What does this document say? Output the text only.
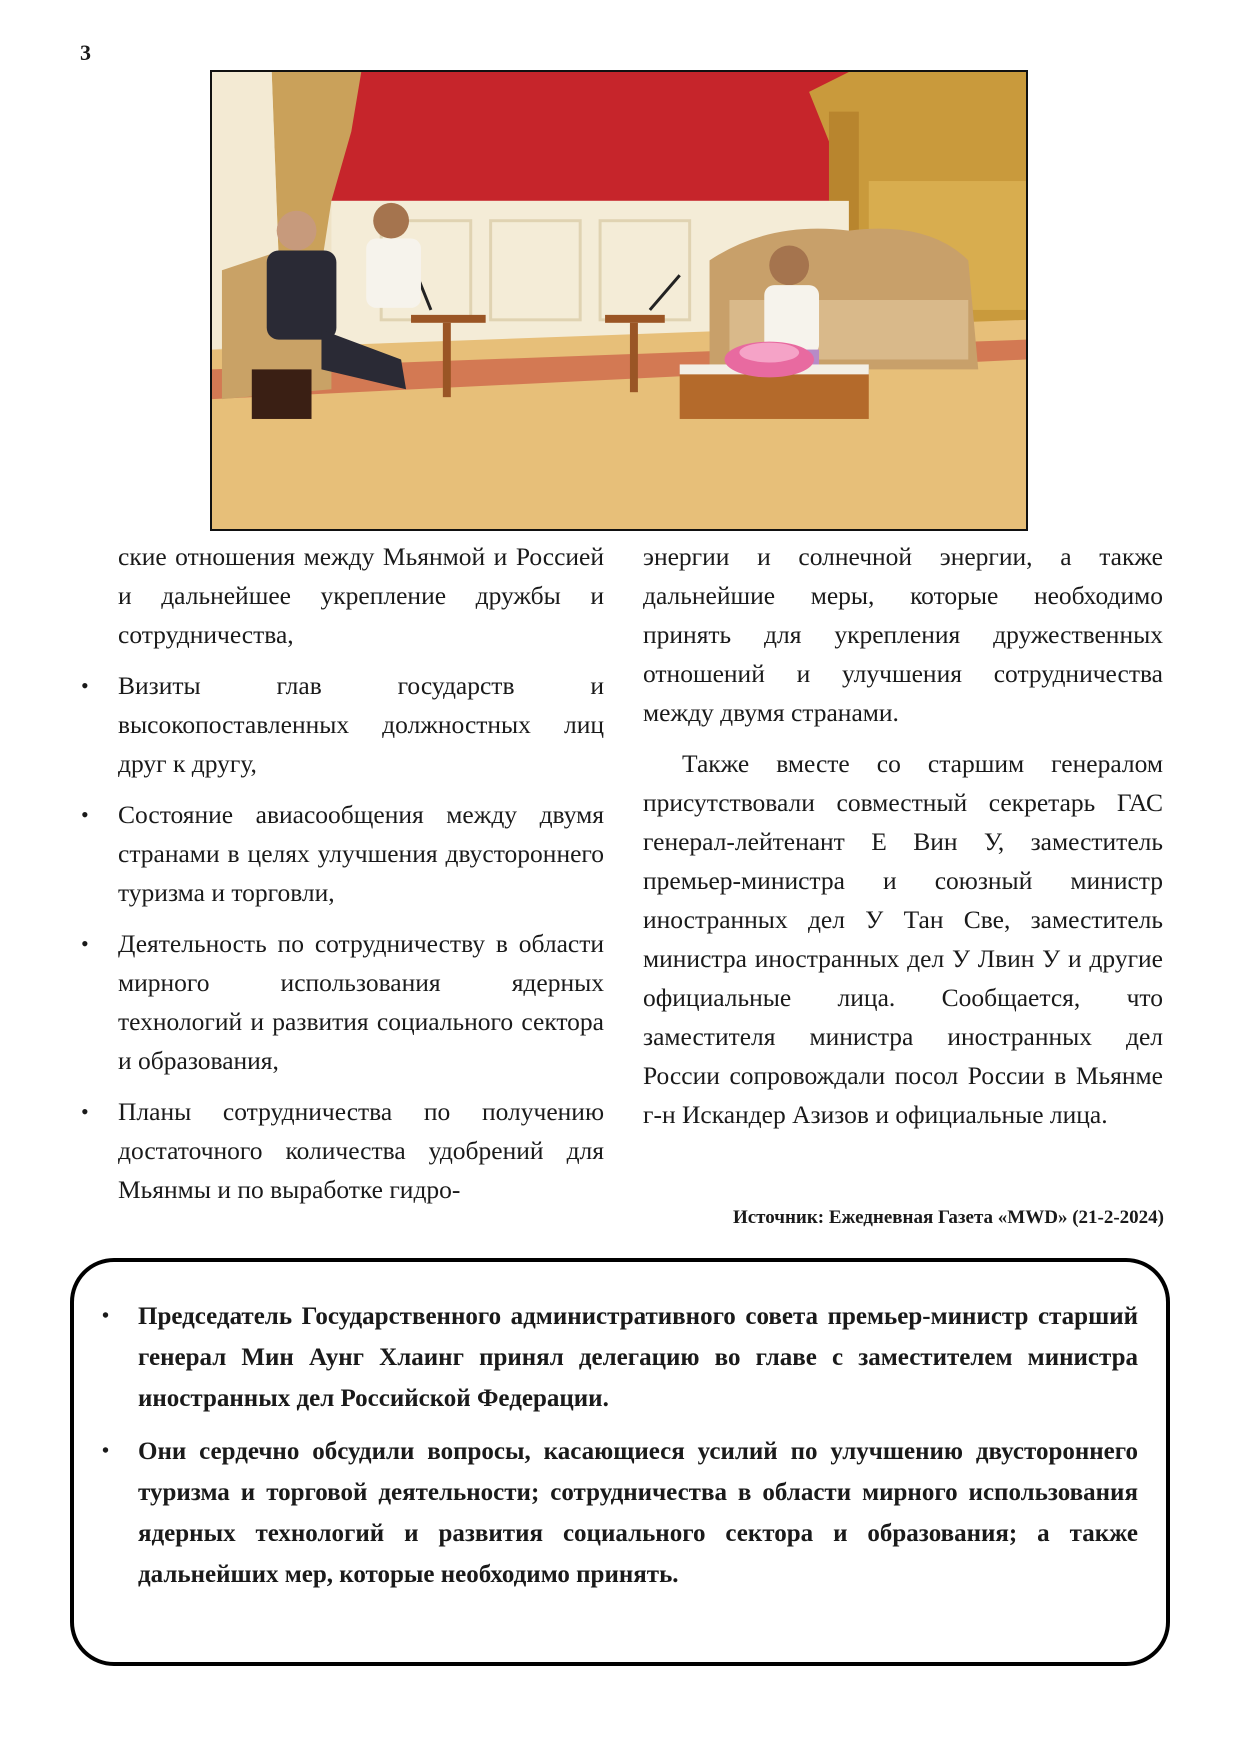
3

ские отношения между Мьянмой и Россией и дальнейшее укрепление дружбы и сотрудничества,

• Визиты глав государств и высокопоставленных должностных лиц друг к другу,
• Состояние авиасообщения между двумя странами в целях улучшения двустороннего туризма и торговли,
• Деятельность по сотрудничеству в области мирного использования ядерных технологий и развития социального сектора и образования,
• Планы сотрудничества по получению достаточного количества удобрений для Мьянмы и по выработке гидро-

энергии и солнечной энергии, а также дальнейшие меры, которые необходимо принять для укрепления дружественных отношений и улучшения сотрудничества между двумя странами.

Также вместе со старшим генералом присутствовали совместный секретарь ГАС генерал-лейтенант Е Вин У, заместитель премьер-министра и союзный министр иностранных дел У Тан Све, заместитель министра иностранных дел У Лвин У и другие официальные лица. Сообщается, что заместителя министра иностранных дел России сопровождали посол России в Мьянме г-н Искандер Азизов и официальные лица.

Источник: Ежедневная Газета «MWD» (21-2-2024)
• Председатель Государственного административного совета премьер-министр старший генерал Мин Аунг Хлаинг принял делегацию во главе с заместителем министра иностранных дел Российской Федерации.
• Они сердечно обсудили вопросы, касающиеся усилий по улучшению двустороннего туризма и торговой деятельности; сотрудничества в области мирного использования ядерных технологий и развития социального сектора и образования; а также дальнейших мер, которые необходимо принять.
